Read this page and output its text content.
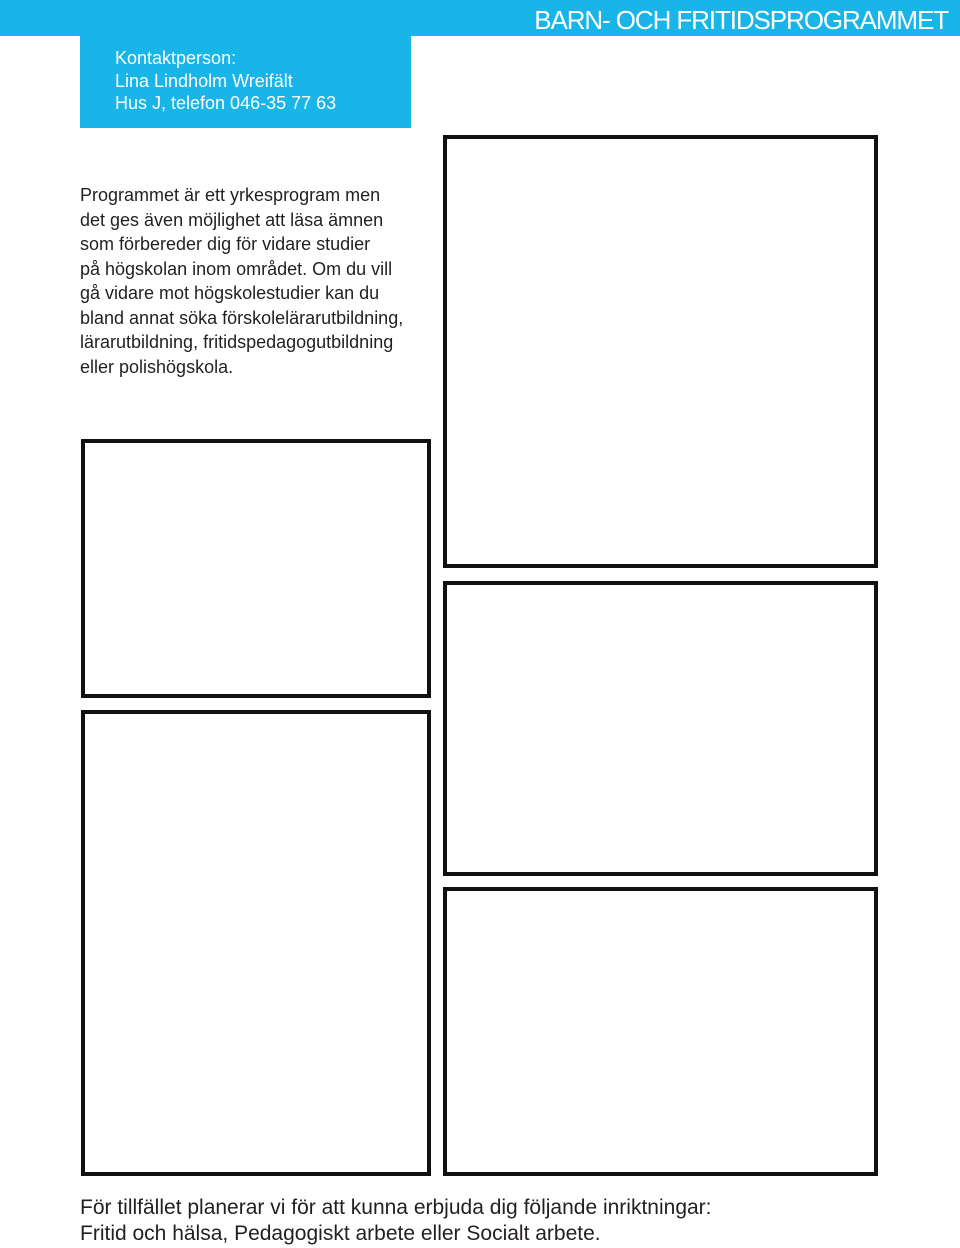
BARN- OCH FRITIDSPROGRAMMET
Kontaktperson:
Lina Lindholm Wreifält
Hus J, telefon 046-35 77 63
Programmet är ett yrkesprogram men
det ges även möjlighet att läsa ämnen
som förbereder dig för vidare studier
på högskolan inom området. Om du vill
gå vidare mot högskolestudier kan du
bland annat söka förskolelärarutbildning,
lärarutbildning, fritidspedagogutbildning
eller polishögskola.
För tillfället planerar vi för att kunna erbjuda dig följande inriktningar:
Fritid och hälsa, Pedagogiskt arbete eller Socialt arbete.
